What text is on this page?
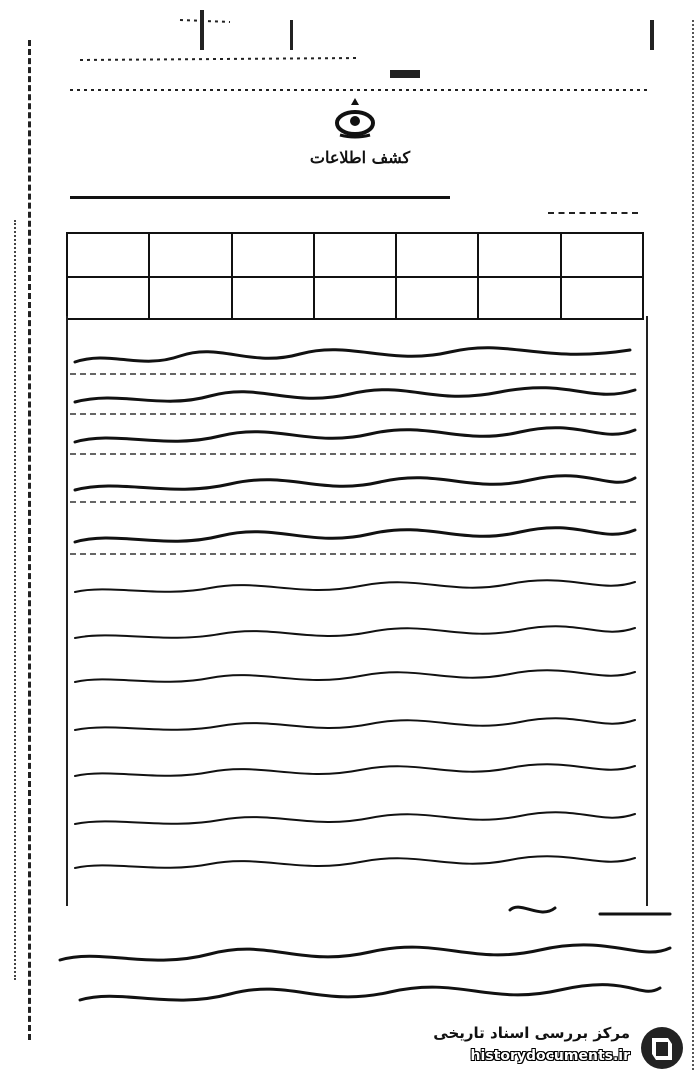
کشف اطلاعات

مرکز بررسی اسناد تاریخی
historydocuments.ir
